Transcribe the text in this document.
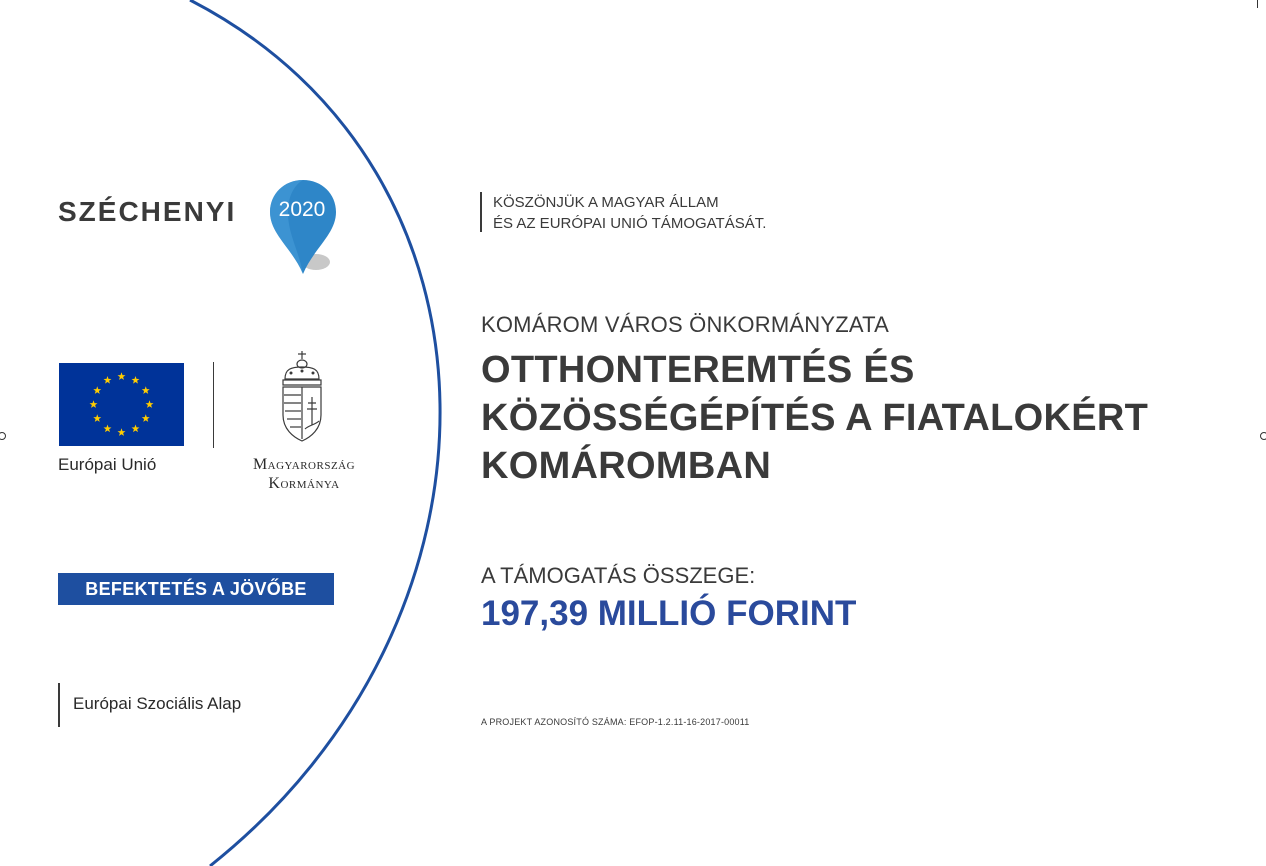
SZÉCHENYI	2020
Európai Unió	Magyarország
Kormánya
BEFEKTETÉS A JÖVŐBE
Európai Szociális Alap
KÖSZÖNJÜK A MAGYAR ÁLLAM
ÉS AZ EURÓPAI UNIÓ TÁMOGATÁSÁT.
KOMÁROM VÁROS ÖNKORMÁNYZATA
OTTHONTEREMTÉS ÉS
KÖZÖSSÉGÉPÍTÉS A FIATALOKÉRT
KOMÁROMBAN
A TÁMOGATÁS ÖSSZEGE:
197,39 MILLIÓ FORINT
A PROJEKT AZONOSÍTÓ SZÁMA: EFOP-1.2.11-16-2017-00011
